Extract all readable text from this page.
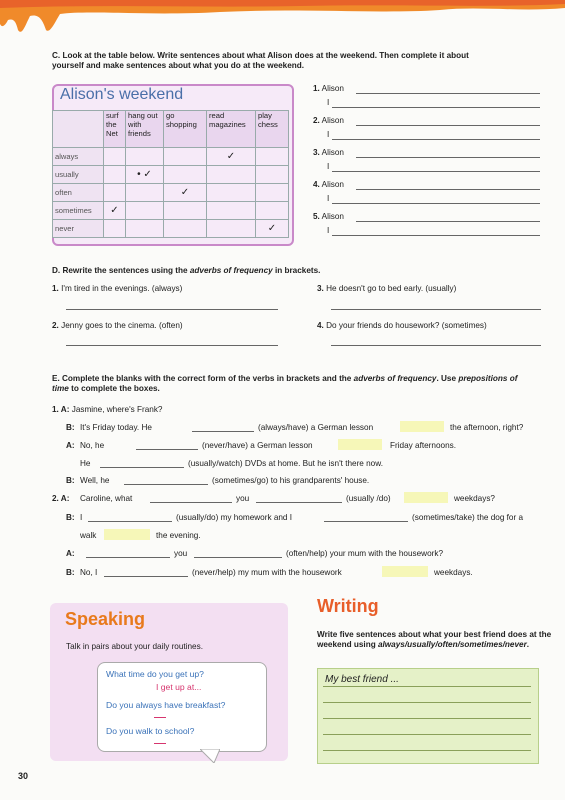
C. Look at the table below. Write sentences about what Alison does at the weekend. Then complete it about yourself and make sentences about what you do at the weekend.
Alison's weekend
	surf the Net	hang out with friends	go shopping	read magazines	play chess
always				✓	
usually		• ✓			
often			✓		
sometimes	✓				
never					✓
1. Alison
I
2. Alison
I
3. Alison
I
4. Alison
I
5. Alison
I
D. Rewrite the sentences using the adverbs of frequency in brackets.
1. I'm tired in the evenings. (always)	3. He doesn't go to bed early. (usually)
2. Jenny goes to the cinema. (often)	4. Do your friends do housework? (sometimes)
E. Complete the blanks with the correct form of the verbs in brackets and the adverbs of frequency. Use prepositions of time to complete the boxes.
1. A: Jasmine, where's Frank?
B: It's Friday today. He	(always/have) a German lesson	the afternoon, right?
A: No, he	(never/have) a German lesson	Friday afternoons.
He	(usually/watch) DVDs at home. But he isn't there now.
B: Well, he	(sometimes/go) to his grandparents' house.
2. A: Caroline, what	you	(usually /do)	weekdays?
B: I	(usually/do) my homework and I	(sometimes/take) the dog for a
walk	the evening.
A:	you	(often/help) your mum with the housework?
B: No, I	(never/help) my mum with the housework	weekdays.
Speaking
Talk in pairs about your daily routines.
What time do you get up?
I get up at...
Do you always have breakfast?
Do you walk to school?
Writing
Write five sentences about what your best friend does at the weekend using always/usually/often/sometimes/never.
My best friend ...
30
